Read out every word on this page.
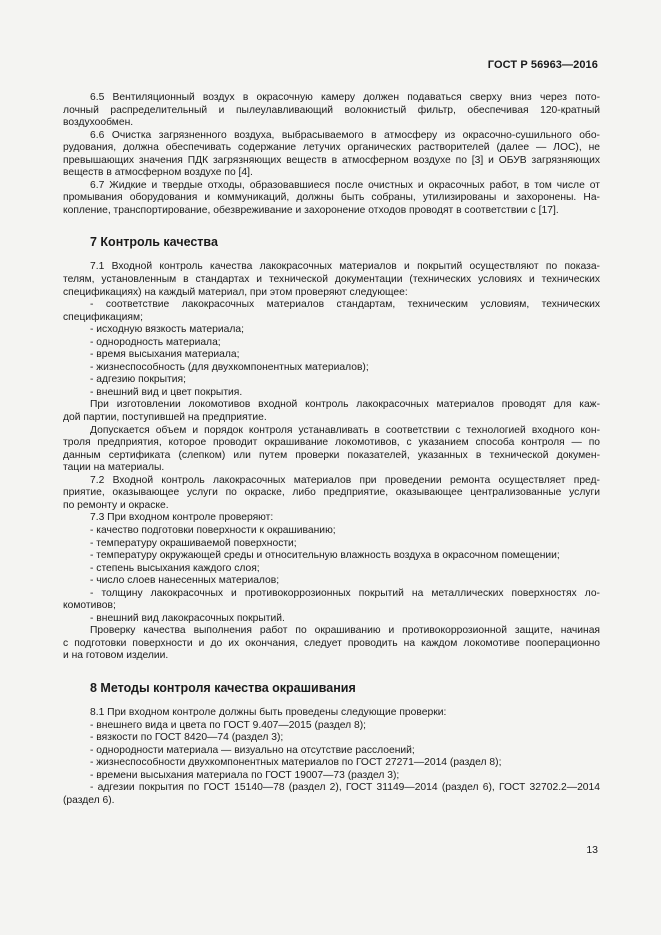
ГОСТ Р 56963—2016
6.5 Вентиляционный воздух в окрасочную камеру должен подаваться сверху вниз через пото-
лочный распределительный и пылеулавливающий волокнистый фильтр, обеспечивая 120-кратный
воздухообмен.
6.6 Очистка загрязненного воздуха, выбрасываемого в атмосферу из окрасочно-сушильного обо-
рудования, должна обеспечивать содержание летучих органических растворителей (далее — ЛОС), не
превышающих значения ПДК загрязняющих веществ в атмосферном воздухе по [3] и ОБУВ загрязняющих
веществ в атмосферном воздухе по [4].
6.7 Жидкие и твердые отходы, образовавшиеся после очистных и окрасочных работ, в том числе от
промывания оборудования и коммуникаций, должны быть собраны, утилизированы и захоронены. На-
копление, транспортирование, обезвреживание и захоронение отходов проводят в соответствии с [17].
7 Контроль качества
7.1 Входной контроль качества лакокрасочных материалов и покрытий осуществляют по показа-
телям, установленным в стандартах и технической документации (технических условиях и технических
спецификациях) на каждый материал, при этом проверяют следующее:
- соответствие лакокрасочных материалов стандартам, техническим условиям, технических
спецификациям;
- исходную вязкость материала;
- однородность материала;
- время высыхания материала;
- жизнеспособность (для двухкомпонентных материалов);
- адгезию покрытия;
- внешний вид и цвет покрытия.
При изготовлении локомотивов входной контроль лакокрасочных материалов проводят для каж-
дой партии, поступившей на предприятие.
Допускается объем и порядок контроля устанавливать в соответствии с технологией входного кон-
троля предприятия, которое проводит окрашивание локомотивов, с указанием способа контроля — по
данным сертификата (слепком) или путем проверки показателей, указанных в технической докумен-
тации на материалы.
7.2 Входной контроль лакокрасочных материалов при проведении ремонта осуществляет пред-
приятие, оказывающее услуги по окраске, либо предприятие, оказывающее централизованные услуги
по ремонту и окраске.
7.3 При входном контроле проверяют:
- качество подготовки поверхности к окрашиванию;
- температуру окрашиваемой поверхности;
- температуру окружающей среды и относительную влажность воздуха в окрасочном помещении;
- степень высыхания каждого слоя;
- число слоев нанесенных материалов;
- толщину лакокрасочных и противокоррозионных покрытий на металлических поверхностях ло-
комотивов;
- внешний вид лакокрасочных покрытий.
Проверку качества выполнения работ по окрашиванию и противокоррозионной защите, начиная
с подготовки поверхности и до их окончания, следует проводить на каждом локомотиве пооперационно
и на готовом изделии.
8 Методы контроля качества окрашивания
8.1 При входном контроле должны быть проведены следующие проверки:
- внешнего вида и цвета по ГОСТ 9.407—2015 (раздел 8);
- вязкости по ГОСТ 8420—74 (раздел 3);
- однородности материала — визуально на отсутствие расслоений;
- жизнеспособности двухкомпонентных материалов по ГОСТ 27271—2014 (раздел 8);
- времени высыхания материала по ГОСТ 19007—73 (раздел 3);
- адгезии покрытия по ГОСТ 15140—78 (раздел 2), ГОСТ 31149—2014 (раздел 6), ГОСТ 32702.2—2014
(раздел 6).
13
